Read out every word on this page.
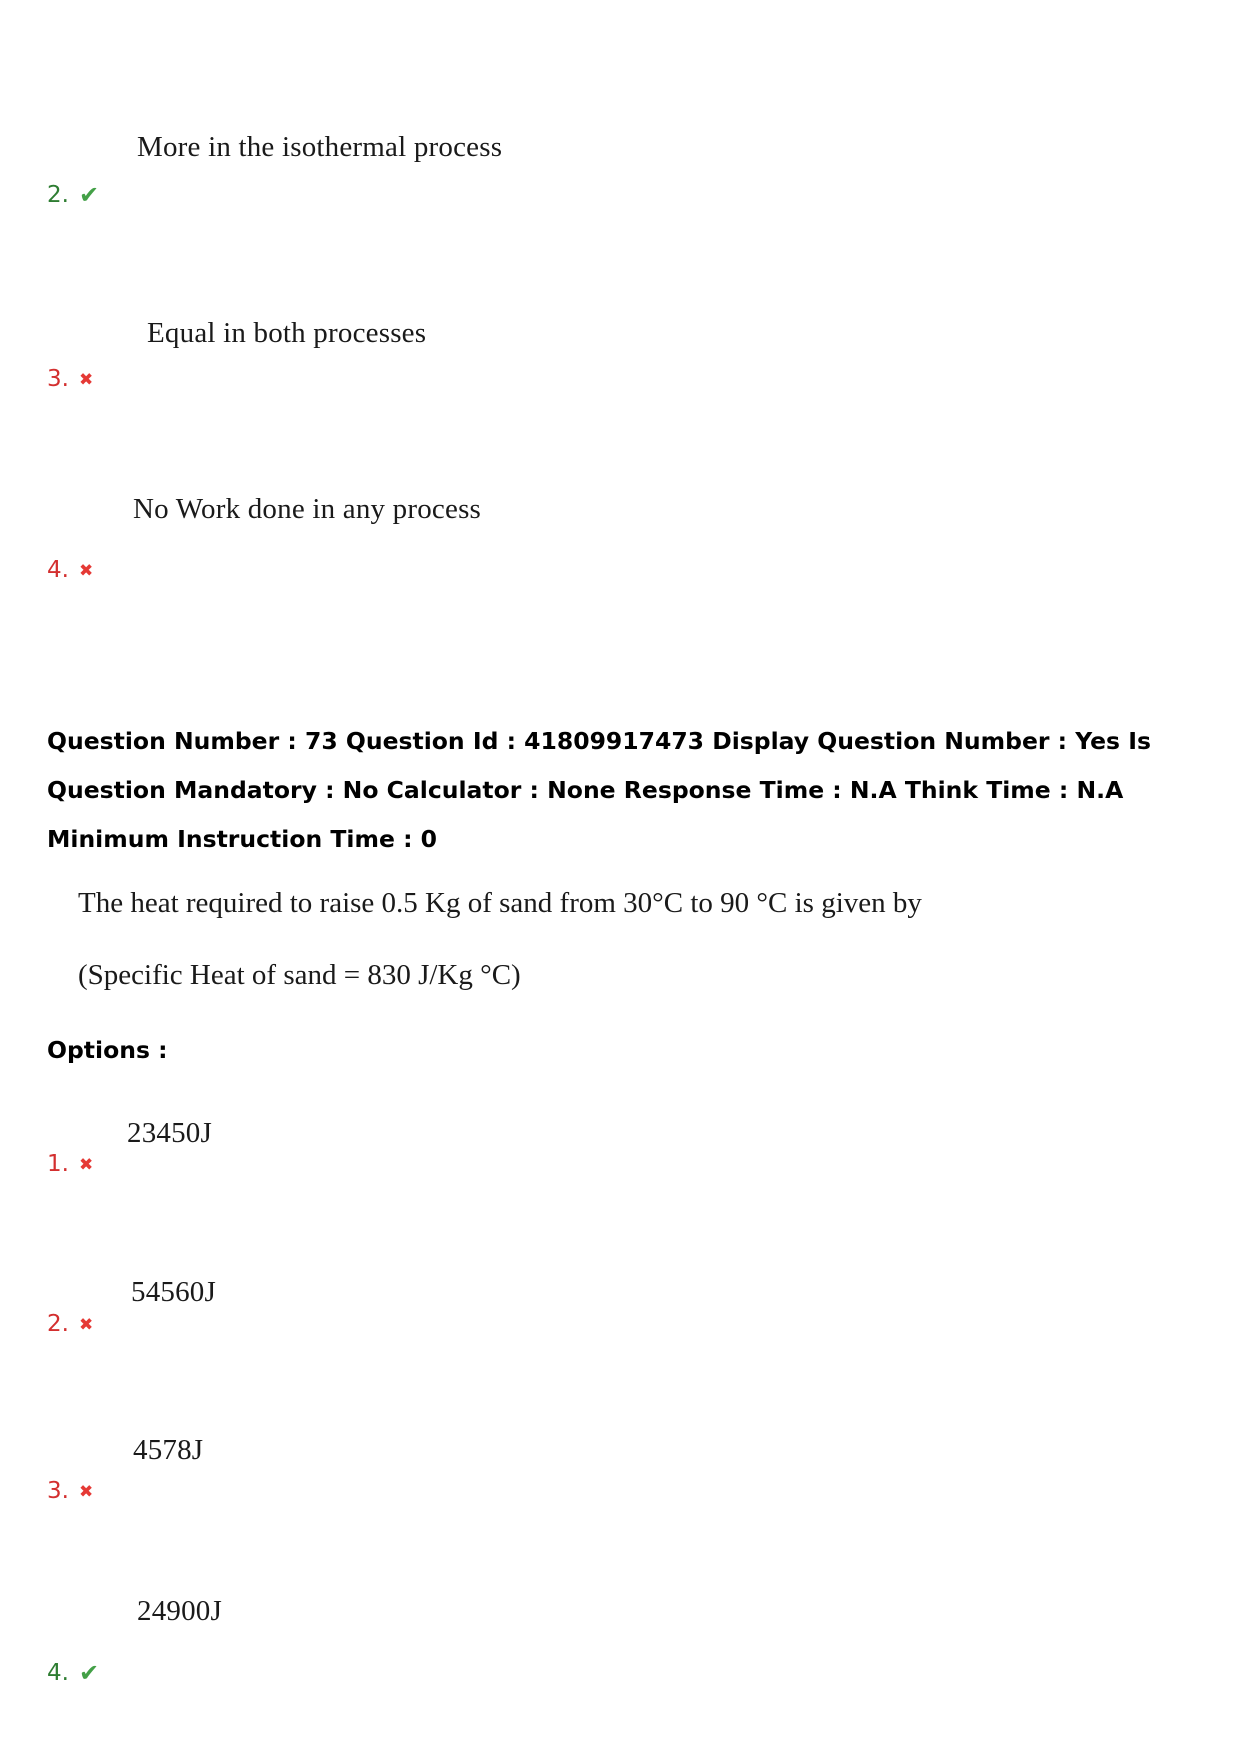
More in the isothermal process
2. ✔
Equal in both processes
3. ✖
No Work done in any process
4. ✖
Question Number : 73 Question Id : 41809917473 Display Question Number : Yes Is Question Mandatory : No Calculator : None Response Time : N.A Think Time : N.A Minimum Instruction Time : 0
The heat required to raise 0.5 Kg of sand from 30°C to 90 °C is given by
(Specific Heat of sand = 830 J/Kg °C)
Options :
23450J
1. ✖
54560J
2. ✖
4578J
3. ✖
24900J
4. ✔
